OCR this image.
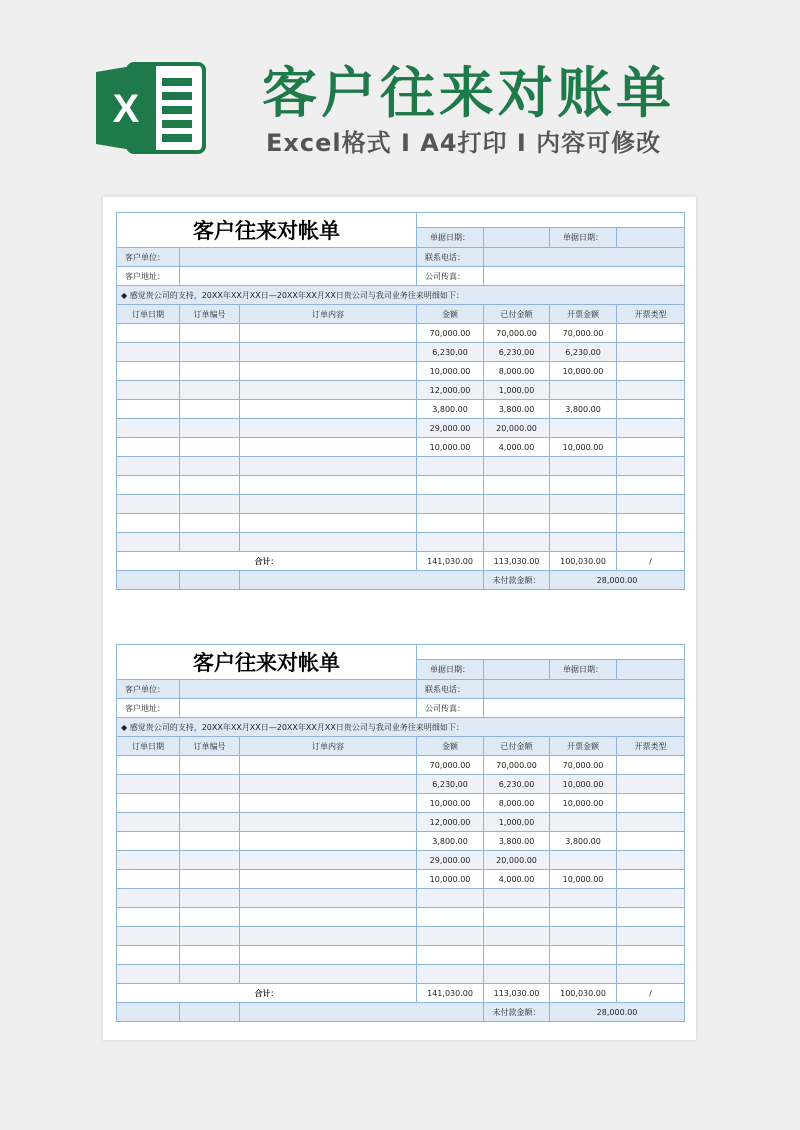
X 客户往来对账单
Excel格式 I A4打印 I 内容可修改
客户往来对帐单						
			单据日期：		单据日期：	
客户单位：			联系电话：			
客户地址：			公司传真：			
◆ 感觉贵公司的支持，20XX年XX月XX日—20XX年XX月XX日贵公司与我司业务往来明细如下：						
订单日期	订单编号	订单内容	金额	已付金额	开票金额	开票类型
			70,000.00	70,000.00	70,000.00	
			6,230.00	6,230.00	6,230.00	
			10,000.00	8,000.00	10,000.00	
			12,000.00	1,000.00		
			3,800.00	3,800.00	3,800.00	
			29,000.00	20,000.00		
			10,000.00	4,000.00	10,000.00	

合计：			141,030.00	113,030.00	100,030.00	/
				未付款金额：	28,000.00	
客户往来对帐单						
			单据日期：		单据日期：	
客户单位：			联系电话：			
客户地址：			公司传真：			
◆ 感觉贵公司的支持，20XX年XX月XX日—20XX年XX月XX日贵公司与我司业务往来明细如下：						
订单日期	订单编号	订单内容	金额	已付金额	开票金额	开票类型
			70,000.00	70,000.00	70,000.00	
			6,230.00	6,230.00	10,000.00	
			10,000.00	8,000.00	10,000.00	
			12,000.00	1,000.00		
			3,800.00	3,800.00	3,800.00	
			29,000.00	20,000.00		
			10,000.00	4,000.00	10,000.00	

合计：			141,030.00	113,030.00	100,030.00	/
				未付款金额：	28,000.00	
